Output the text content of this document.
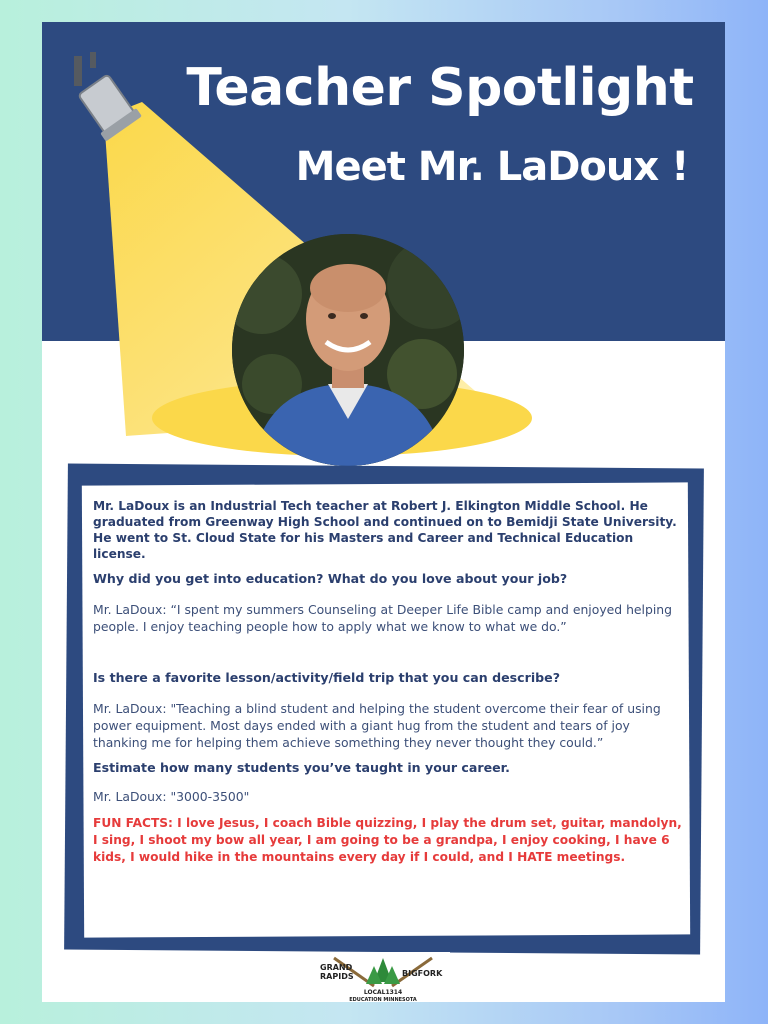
Teacher Spotlight
Meet Mr. LaDoux !

Mr. LaDoux is an Industrial Tech teacher at Robert J. Elkington Middle School. He graduated from Greenway High School and continued on to Bemidji State University. He went to St. Cloud State for his Masters and Career and Technical Education license.

Why did you get into education? What do you love about your job?

Mr. LaDoux: “I spent my summers Counseling at Deeper Life Bible camp and enjoyed helping people. I enjoy teaching people how to apply what we know to what we do.”

Is there a favorite lesson/activity/field trip that you can describe?

Mr. LaDoux: "Teaching a blind student and helping the student overcome their fear of using power equipment. Most days ended with a giant hug from the student and tears of joy thanking me for helping them achieve something they never thought they could.”

Estimate how many students you’ve taught in your career.

Mr. LaDoux: "3000-3500"

FUN FACTS: I love Jesus, I coach Bible quizzing, I play the drum set, guitar, mandolyn, I sing, I shoot my bow all year, I am going to be a grandpa, I enjoy cooking, I have 6 kids, I would hike in the mountains every day if I could, and I HATE meetings.

GRAND
RAPIDS	BIGFORK
LOCAL1314
EDUCATION MINNESOTA
